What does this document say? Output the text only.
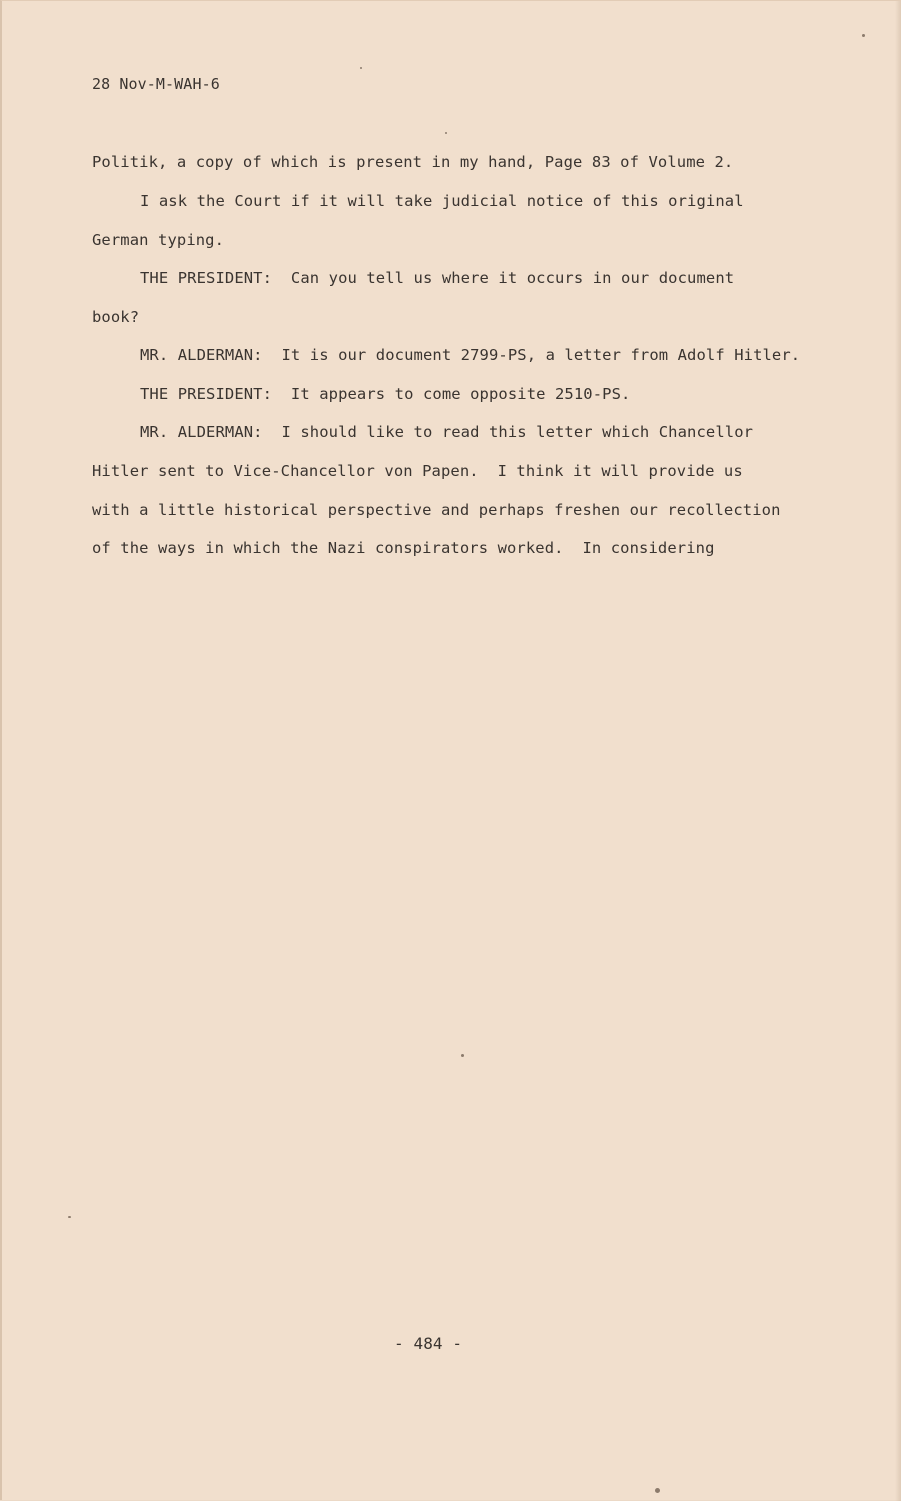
28 Nov-M-WAH-6
Politik, a copy of which is present in my hand, Page 83 of Volume 2.
I ask the Court if it will take judicial notice of this original
German typing.
THE PRESIDENT:  Can you tell us where it occurs in our document
book?
MR. ALDERMAN:  It is our document 2799-PS, a letter from Adolf Hitler.
THE PRESIDENT:  It appears to come opposite 2510-PS.
MR. ALDERMAN:  I should like to read this letter which Chancellor
Hitler sent to Vice-Chancellor von Papen.  I think it will provide us
with a little historical perspective and perhaps freshen our recollection
of the ways in which the Nazi conspirators worked.  In considering
- 484 -
